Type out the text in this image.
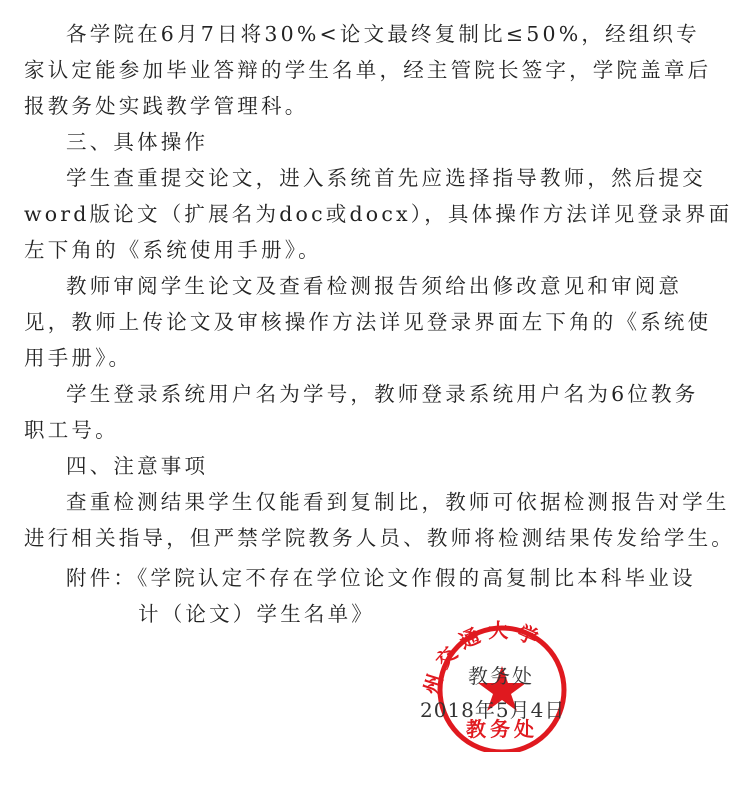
各学院在6月7日将30%<论文最终复制比≤50%，经组织专
家认定能参加毕业答辩的学生名单，经主管院长签字，学院盖章后
报教务处实践教学管理科。
三、具体操作
学生查重提交论文，进入系统首先应选择指导教师，然后提交
word版论文（扩展名为doc或docx），具体操作方法详见登录界面
左下角的《系统使用手册》。
教师审阅学生论文及查看检测报告须给出修改意见和审阅意
见，教师上传论文及审核操作方法详见登录界面左下角的《系统使
用手册》。
学生登录系统用户名为学号，教师登录系统用户名为6位教务
职工号。
四、注意事项
查重检测结果学生仅能看到复制比，教师可依据检测报告对学生
进行相关指导，但严禁学院教务人员、教师将检测结果传发给学生。
附件：《学院认定不存在学位论文作假的高复制比本科毕业设
计（论文）学生名单》
州交通大学
教务处
教务处
2018年5月4日
